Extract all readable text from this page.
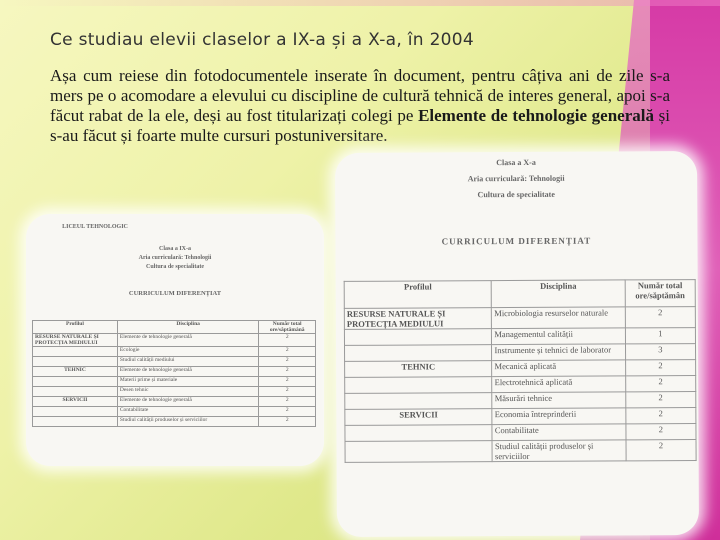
Ce studiau elevii claselor a IX-a și a X-a, în 2004
Așa cum reiese din fotodocumentele inserate în document, pentru câțiva ani de zile s-a mers pe o acomodare a elevului cu discipline de cultură tehnică de interes general, apoi s-a făcut rabat de la ele, deși au fost titularizați colegi pe Elemente de tehnologie generală și s-au făcut și foarte multe cursuri postuniversitare.
LICEUL TEHNOLOGIC
Clasa a IX-a
Aria curriculară: Tehnologii
Cultura de specialitate
CURRICULUM DIFERENȚIAT
Profilul	Disciplina	Număr total ore/săptămână
RESURSE NATURALE ȘI PROTECȚIA MEDIULUI	Elemente de tehnologie generală	2
	Ecologie	2
	Studiul calității mediului	2
TEHNIC	Elemente de tehnologie generală	2
	Materii prime și materiale	2
	Desen tehnic	2
SERVICII	Elemente de tehnologie generală	2
	Contabilitate	2
	Studiul calității produselor și serviciilor	2
Clasa a X-a
Aria curriculară: Tehnologii
Cultura de specialitate
CURRICULUM DIFERENȚIAT
Profilul	Disciplina	Număr total ore/săptămân
RESURSE NATURALE ȘI PROTECȚIA MEDIULUI	Microbiologia resurselor naturale	2
	Managementul calității	1
	Instrumente și tehnici de laborator	3
TEHNIC	Mecanică aplicată	2
	Electrotehnică aplicată	2
	Măsurări tehnice	2
SERVICII	Economia întreprinderii	2
	Contabilitate	2
	Studiul calității produselor și serviciilor	2
